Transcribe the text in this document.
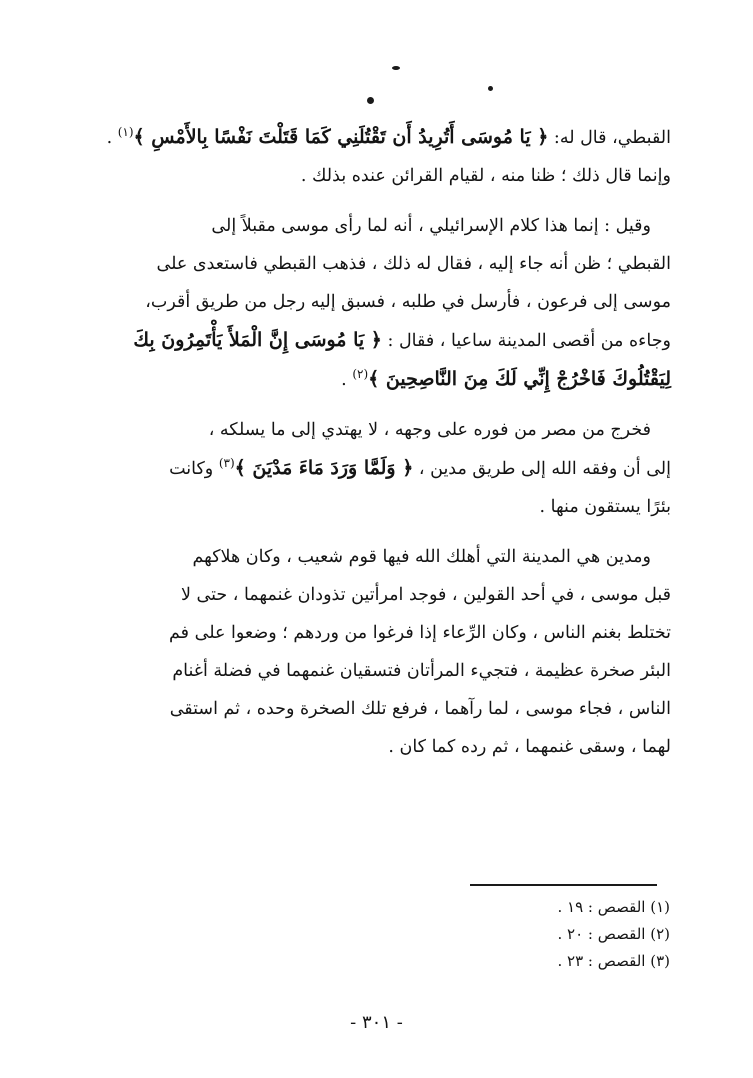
القبطي، قال له: ﴿ يَا مُوسَى أَتُرِيدُ أَن تَقْتُلَنِي كَمَا قَتَلْتَ نَفْسًا بِالأَمْسِ ﴾$^{(١)}$ .
وإنما قال ذلك ؛ ظنا منه ، لقيام القرائن عنده بذلك .

وقيل : إنما هذا كلام الإسرائيلي ، أنه لما رأى موسى مقبلاً إلى
القبطي ؛ ظن أنه جاء إليه ، فقال له ذلك ، فذهب القبطي فاستعدى على
موسى إلى فرعون ، فأرسل في طلبه ، فسبق إليه رجل من طريق أقرب،
وجاءه من أقصى المدينة ساعيا ، فقال : ﴿ يَا مُوسَى إِنَّ الْمَلأَ يَأْتَمِرُونَ بِكَ
لِيَقْتُلُوكَ فَاخْرُجْ إِنِّي لَكَ مِنَ النَّاصِحِينَ ﴾$^{(٢)}$ .

فخرج من مصر من فوره على وجهه ، لا يهتدي إلى ما يسلكه ،
إلى أن وفقه الله إلى طريق مدين ، ﴿ وَلَمَّا وَرَدَ مَاءَ مَدْيَنَ ﴾$^{(٣)}$ وكانت
بئرًا يستقون منها .

ومدين هي المدينة التي أهلك الله فيها قوم شعيب ، وكان هلاكهم
قبل موسى ، في أحد القولين ، فوجد امرأتين تذودان غنمهما ، حتى لا
تختلط بغنم الناس ، وكان الرِّعاء إذا فرغوا من وردهم ؛ وضعوا على فم
البئر صخرة عظيمة ، فتجيء المرأتان فتسقيان غنمهما في فضلة أغنام
الناس ، فجاء موسى ، لما رآهما ، فرفع تلك الصخرة وحده ، ثم استقى
لهما ، وسقى غنمهما ، ثم رده كما كان .

(١) القصص : ١٩ .
(٢) القصص : ٢٠ .
(٣) القصص : ٢٣ .
- ٣٠١ -
